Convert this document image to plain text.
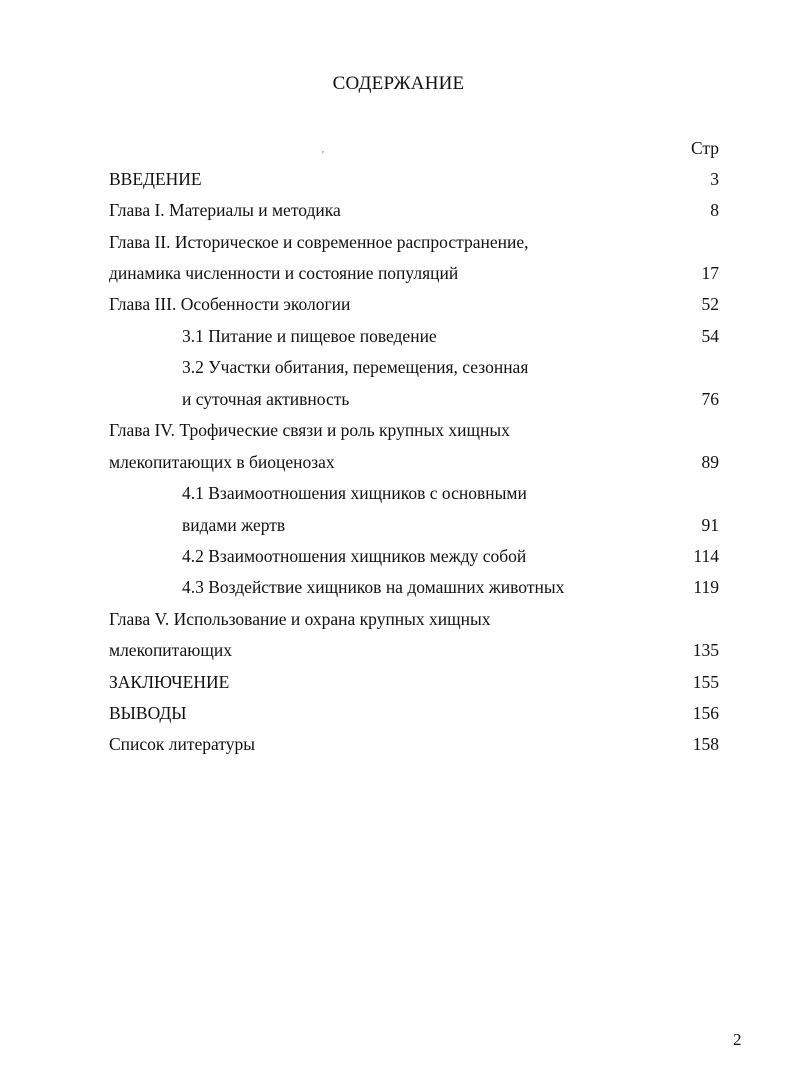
СОДЕРЖАНИЕ
'	Стр
ВВЕДЕНИЕ	3
Глава I. Материалы и методика	8
Глава II. Историческое и современное распространение,
динамика численности и состояние популяций	17
Глава III. Особенности экологии	52
3.1 Питание и пищевое поведение	54
3.2 Участки обитания, перемещения, сезонная
и суточная активность	76
Глава IV. Трофические связи и роль крупных хищных
млекопитающих в биоценозах	89
4.1 Взаимоотношения хищников с основными
видами жертв	91
4.2 Взаимоотношения хищников между собой	114
4.3 Воздействие хищников на домашних животных	119
Глава V. Использование и охрана крупных хищных
млекопитающих	135
ЗАКЛЮЧЕНИЕ	155
ВЫВОДЫ	156
Список литературы	158
2
